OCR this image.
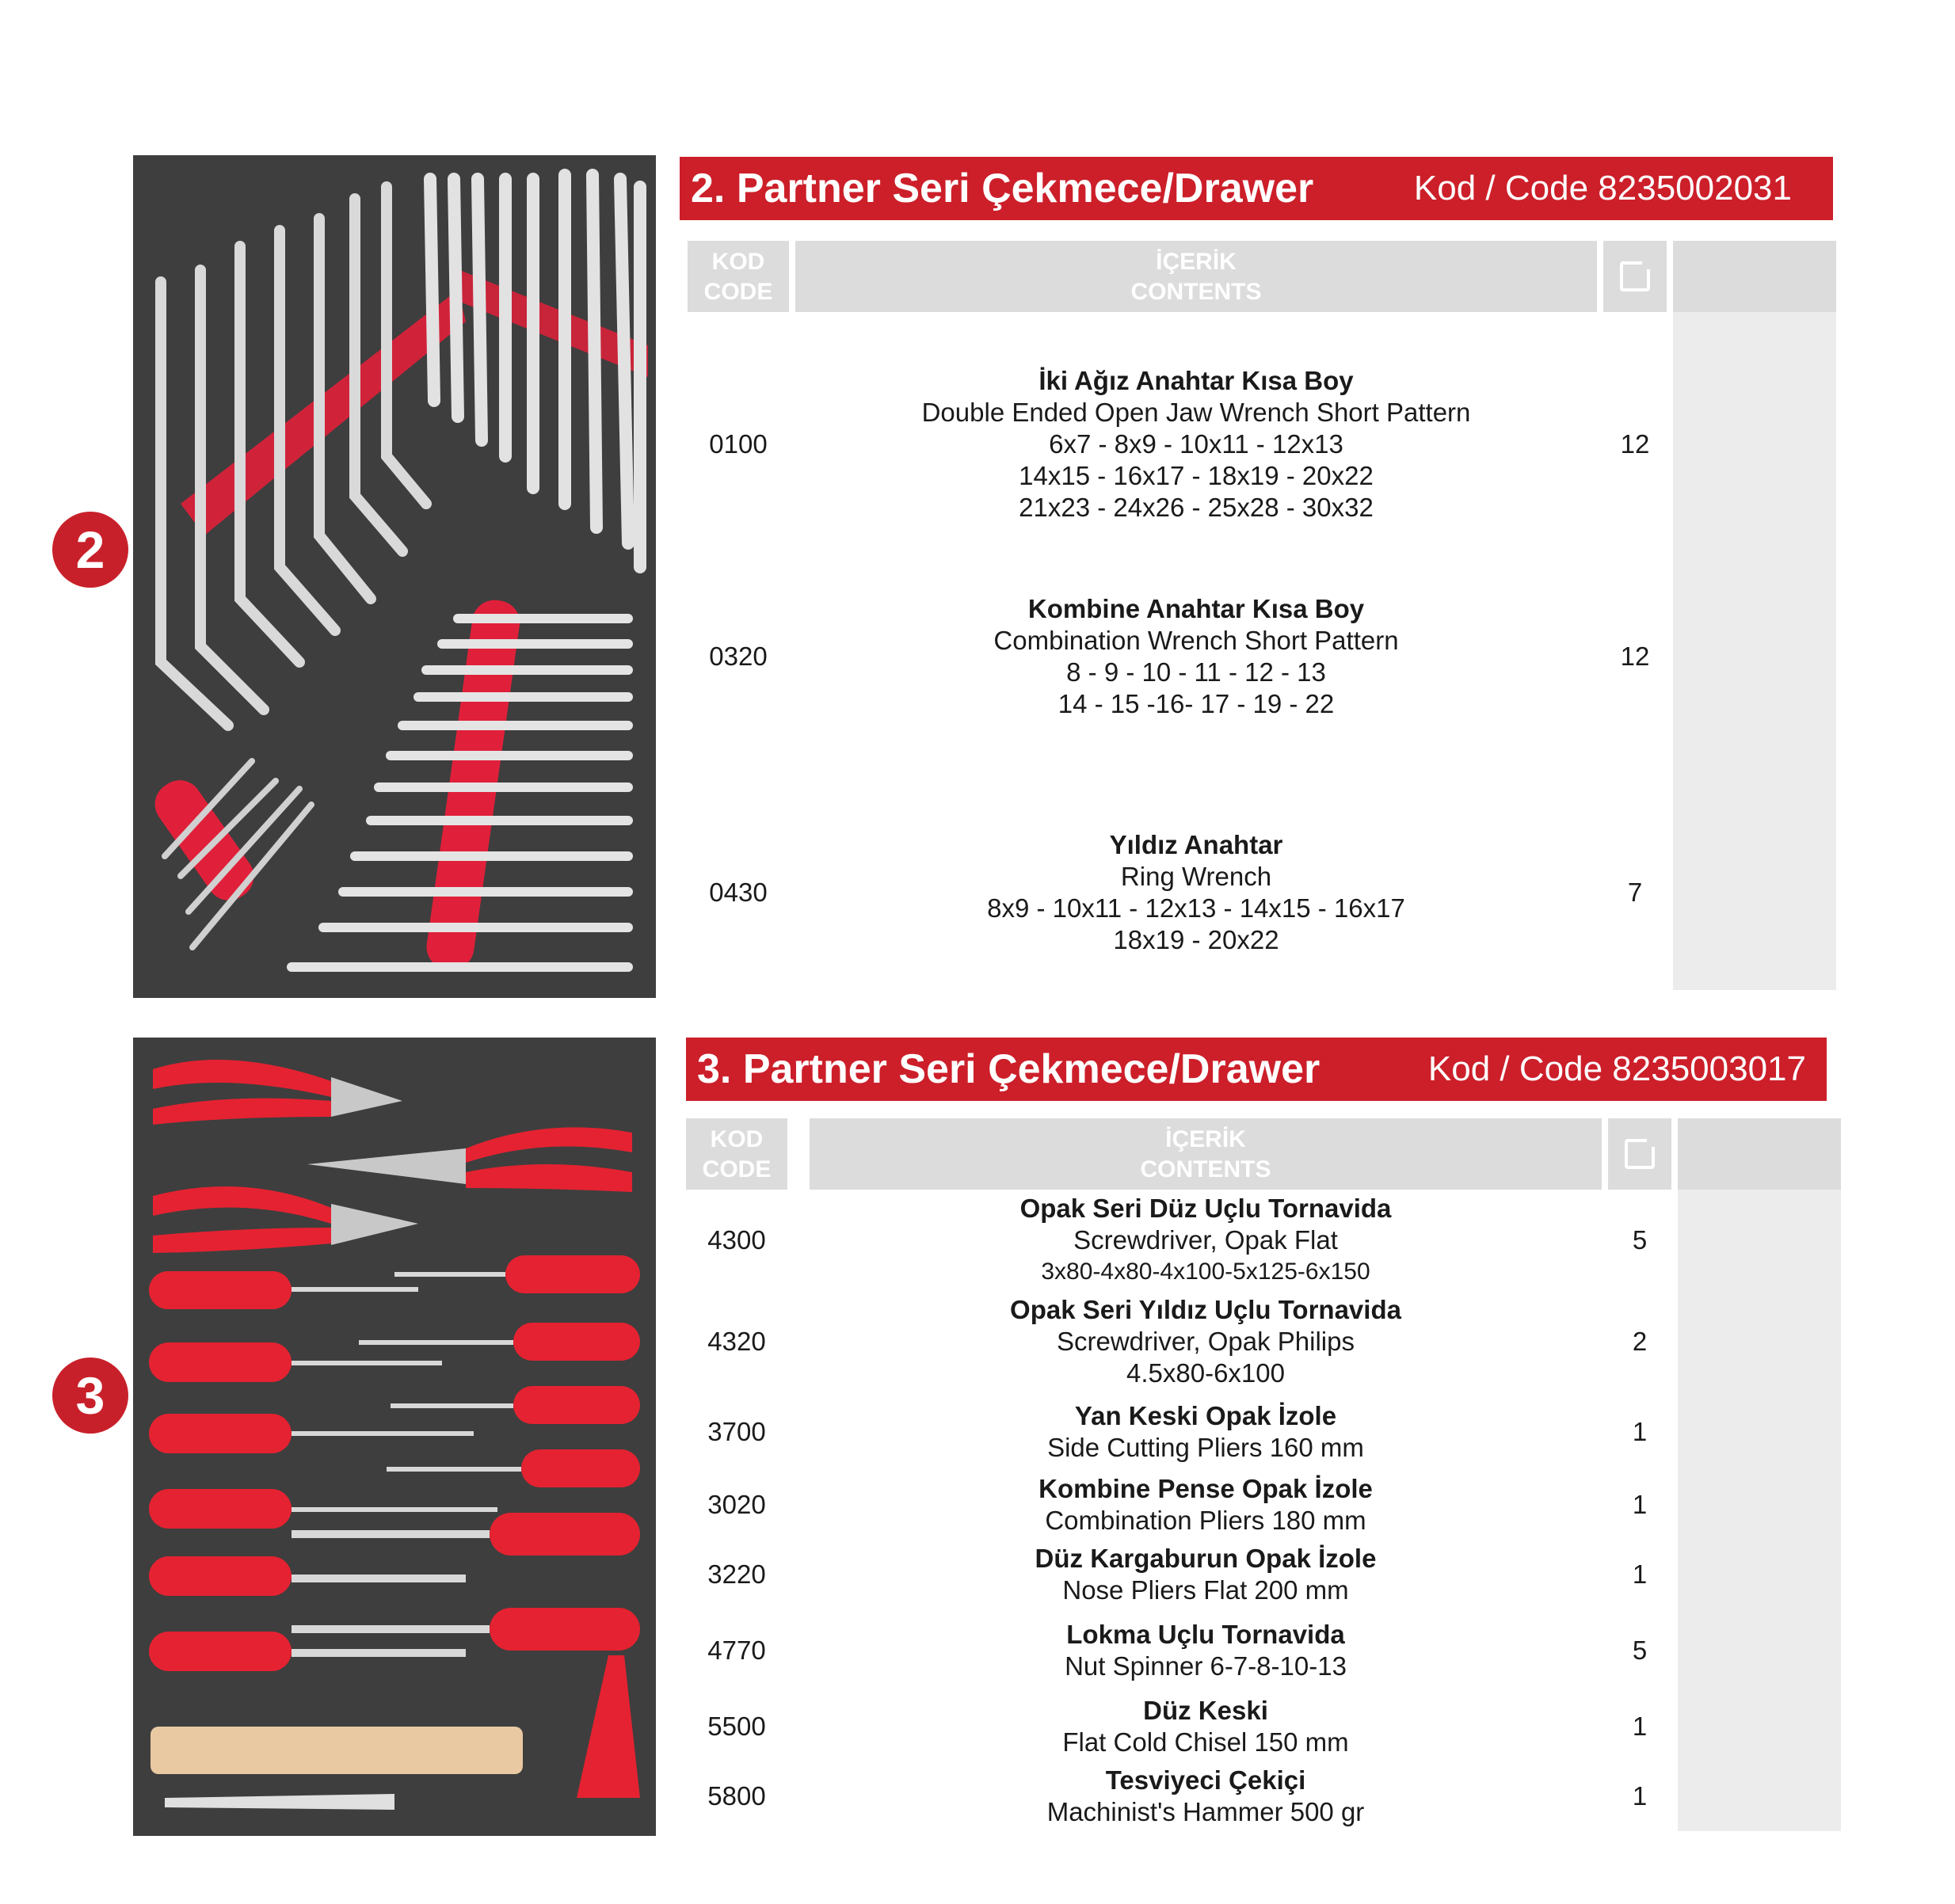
2
2. Partner Seri Çekmece/Drawer	Kod / Code 8235002031
KOD
CODE
İÇERİK
CONTENTS
0100
İki Ağız Anahtar Kısa Boy
Double Ended Open Jaw Wrench Short Pattern
6x7 - 8x9 - 10x11 - 12x13
14x15 - 16x17 - 18x19 - 20x22
21x23 - 24x26 - 25x28 - 30x32
12
0320
Kombine Anahtar Kısa Boy
Combination Wrench Short Pattern
8 - 9 - 10 - 11 - 12 - 13
14 - 15 -16- 17 - 19 - 22
12
0430
Yıldız Anahtar
Ring Wrench
8x9 - 10x11 - 12x13 - 14x15 - 16x17
18x19 - 20x22
7
3
3. Partner Seri Çekmece/Drawer	Kod / Code 8235003017
KOD
CODE
İÇERİK
CONTENTS
4300
Opak Seri Düz Uçlu Tornavida
Screwdriver, Opak Flat
3x80-4x80-4x100-5x125-6x150
5
4320
Opak Seri Yıldız Uçlu Tornavida
Screwdriver, Opak Philips
4.5x80-6x100
2
3700
Yan Keski Opak İzole
Side Cutting Pliers 160 mm
1
3020
Kombine Pense Opak İzole
Combination Pliers 180 mm
1
3220
Düz Kargaburun Opak İzole
Nose Pliers Flat 200 mm
1
4770
Lokma Uçlu Tornavida
Nut Spinner 6-7-8-10-13
5
5500
Düz Keski
Flat Cold Chisel 150 mm
1
5800
Tesviyeci Çekiçi
Machinist's Hammer 500 gr
1
